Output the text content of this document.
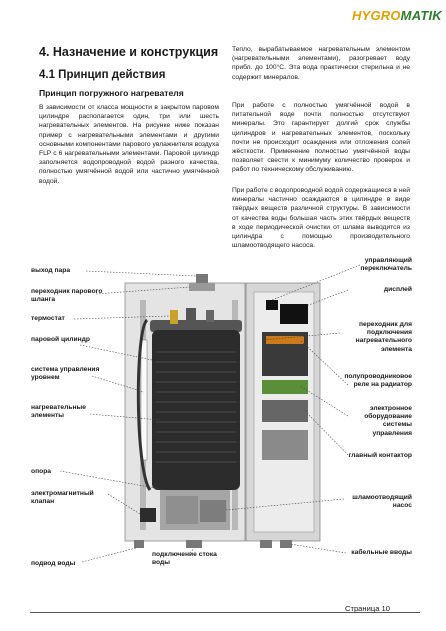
HYGROMATIK
4. Назначение и конструкция
4.1 Принцип действия
Принцип погружного нагревателя
В зависимости от класса мощности в закрытом паровом цилиндре располагается один, три или шесть нагревательных элементов. На рисунке ниже показан пример с нагревательными элементами и другими основными компонентами парового увлажнителя воздуха FLP с 6 нагревательными элементами. Паровой цилиндр заполняется водопроводной водой разного качества, полностью умягчённой водой или частично умягчённой водой.
Тепло, вырабатываемое нагревательным элементом (нагревательными элементами), разогревает воду прибл. до 100°C. Эта вода практически стерильна и не содержит минералов.
При работе с полностью умягчённой водой в питательной воде почти полностью отсутствуют минералы. Это гарантирует долгий срок службы цилиндров и нагревательных элементов, поскольку почти не происходит осаждения или отложения солей жёсткости. Применение полностью умягчённой воды позволяет свести к минимуму количество проверок и работ по техническому обслуживанию.
При работе с водопроводной водой содержащиеся в ней минералы частично осаждаются в цилиндре в виде твёрдых веществ различной структуры. В зависимости от качества воды большая часть этих твёрдых веществ в ходе периодической очистки от шлама выводится из цилиндра с помощью производительного шламоотводящего насоса.
выход пара
переходник парового шланга
термостат
паровой цилиндр
система управления уровнем
нагревательные элементы
опора
электромагнитный клапан
подвод воды
подключение стока воды
управляющий переключатель
дисплей
переходник для подключения нагревательного элемента
полупроводниковое реле на радиатор
электронное оборудование системы управления
главный контактор
шламоотводящий насос
кабельные вводы
Страница 10
